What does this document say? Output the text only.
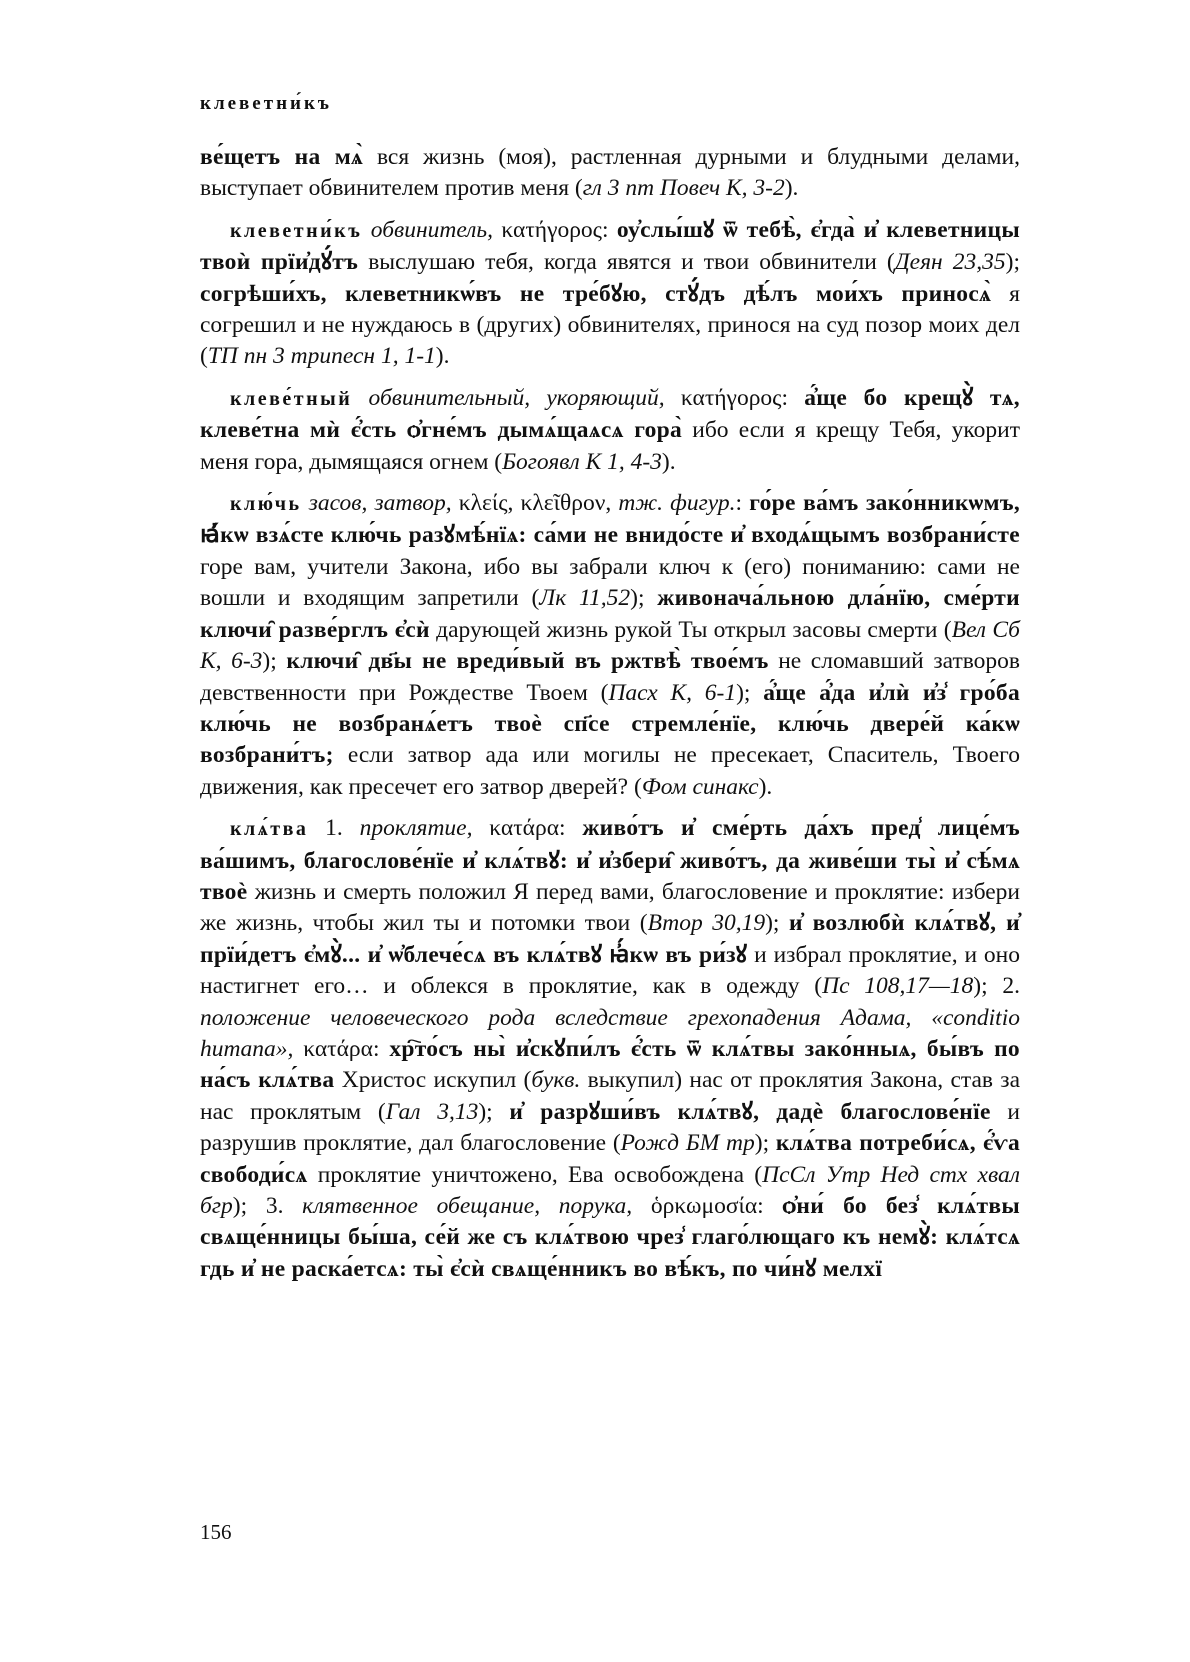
клеветни́къ

ве́щетъ на мѧ̀ вся жизнь (моя), растленная дурными и блудными делами, выступает обвинителем против меня (гл 3 пт Повеч К, 3-2).

клеветни́къ обвинитель, κατήγορος: оу҆слы́шꙋ ѿ тебѣ̀, є҆гда̀ и҆ клеветницы твоѝ прїи҆дꙋ́тъ выслушаю тебя, когда явятся и твои обвинители (Деян 23,35); согрѣши́хъ, клеветникѡ́въ не тре́бꙋю, стꙋ́дъ дѣ́лъ мои́хъ приносѧ̀ я согрешил и не нуждаюсь в (других) обвинителях, принося на суд позор моих дел (ТП пн 3 трипесн 1, 1-1).

клеве́тный обвинительный, укоряющий, κατήγορος: а҆́ще бо крещꙋ̀ тѧ, клеве́тна мѝ є҆́сть ѻ҆гне́мъ дымѧ́щаѧсѧ гора̀ ибо если я крещу Тебя, укорит меня гора, дымящаяся огнем (Богоявл К 1, 4-3).

клю́чь засов, затвор, κλείς, κλεῖθρον, тж. фигур.: го́ре ва́мъ зако́нникѡмъ, ꙗ҆́кѡ взѧ́сте клю́чь разꙋмѣ́нїѧ: са́ми не внидо́сте и҆ входѧ́щымъ возбрани́сте горе вам, учители Закона, ибо вы забрали ключ к (его) пониманию: сами не вошли и входящим запретили (Лк 11,52); живонача́льною дла́нїю, сме́рти ключи̑ разве́рглъ є҆сѝ дарующей жизнь рукой Ты открыл засовы смерти (Вел Сб К, 6-3); ключи̑ дв҃ы не вреди́вый въ ржтвѣ̀ твое́мъ не сломавший затворов девственности при Рождестве Твоем (Пасх К, 6-1); а҆́ще а҆́да и҆лѝ и҆з̾ гро́ба клю́чь не возбранѧ́етъ твоѐ сп҃се стремле́нїе, клю́чь двере́й ка́кѡ возбрани́тъ; если затвор ада или могилы не пресекает, Спаситель, Твоего движения, как пресечет его затвор дверей? (Фом синакс).

клѧ́тва 1. проклятие, κατάρα: живо́тъ и҆ сме́рть да́хъ пред̾ лице́мъ ва́шимъ, благослове́нїе и҆ клѧ́твꙋ: и҆ и҆збери̑ живо́тъ, да живе́ши ты̀ и҆ сѣ́мѧ твоѐ жизнь и смерть положил Я перед вами, благословение и проклятие: избери же жизнь, чтобы жил ты и потомки твои (Втор 30,19); и҆ возлюбѝ клѧ́твꙋ, и҆ прїи́детъ є҆мꙋ̀... и҆ ѡ҆блече́сѧ въ клѧ́твꙋ ꙗ҆́кѡ въ ри́зꙋ и избрал проклятие, и оно настигнет его… и облекся в проклятие, как в одежду (Пс 108,17—18); 2. положение человеческого рода вследствие грехопадения Адама, «conditio humana», κατάρα: хр҇то́съ ны̀ и҆скꙋпи́лъ є҆́сть ѿ клѧ́твы зако́нныѧ, бы́въ по на́съ клѧ́тва Христос искупил (букв. выкупил) нас от проклятия Закона, став за нас проклятым (Гал 3,13); и҆ разрꙋши́въ клѧ́твꙋ, дадѐ благослове́нїе и разрушив проклятие, дал благословение (Рожд БМ тр); клѧ́тва потреби́сѧ, є҆́ѵа свободи́сѧ проклятие уничтожено, Ева освобождена (ПсСл Утр Нед стх хвал бгр); 3. клятвенное обещание, порука, ὁρκωμοσία: ѻ҆ни́ бо без̾ клѧ́твы свѧще́нницы бы́ша, се́й же съ клѧ́твою чрез̾ глаго́лющаго къ немꙋ̀: клѧ́тсѧ гдь и҆ не раска́етсѧ: ты̀ є҆сѝ свѧще́нникъ во вѣ́къ, по чи́нꙋ мелхї

156
